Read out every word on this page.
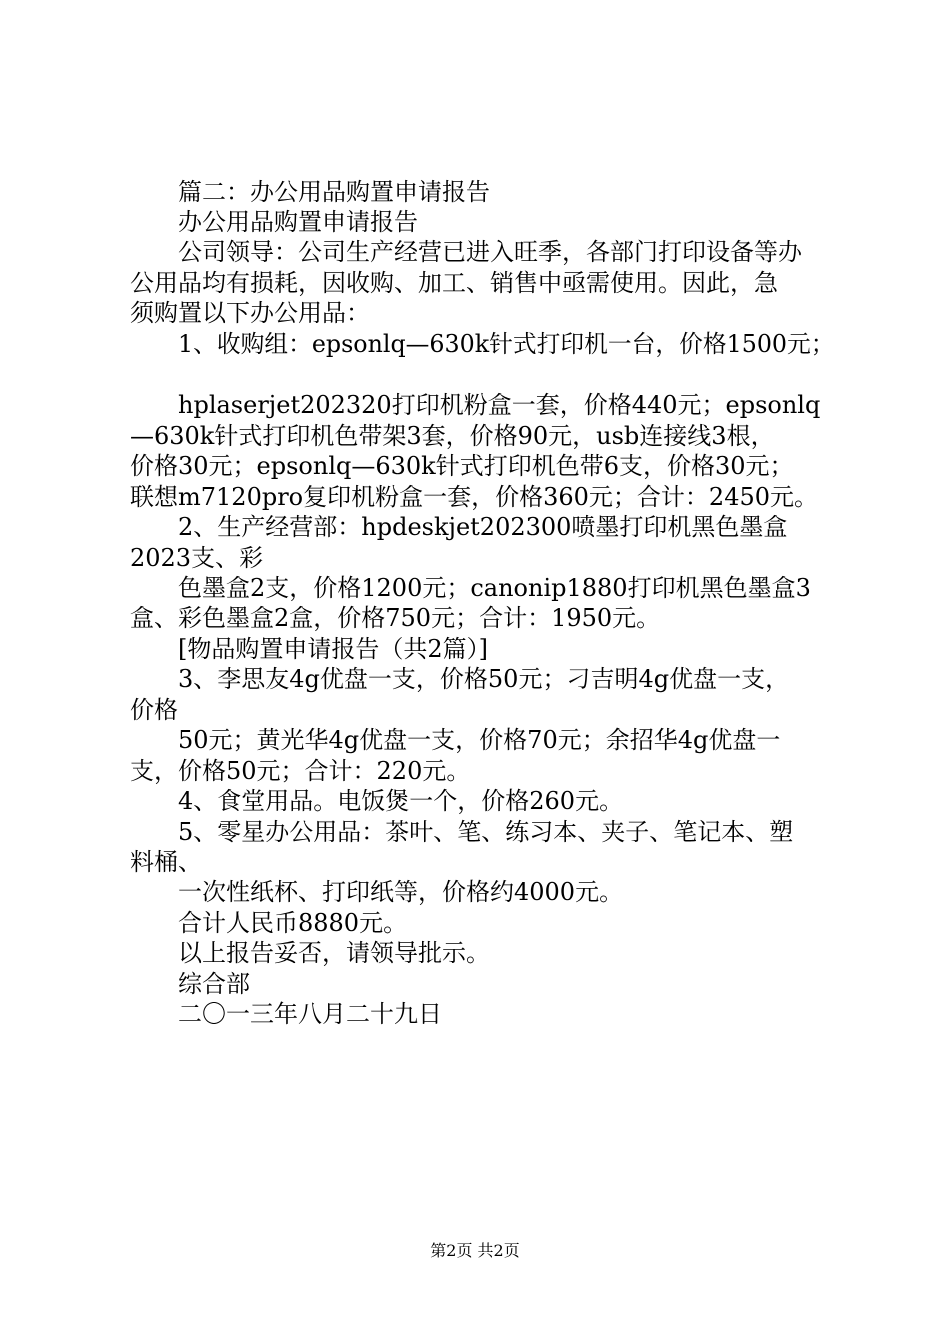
篇二：办公用品购置申请报告
办公用品购置申请报告
公司领导：公司生产经营已进入旺季，各部门打印设备等办
公用品均有损耗，因收购、加工、销售中亟需使用。因此，急
须购置以下办公用品：
1、收购组：epsonlq—630k针式打印机一台，价格1500元；
hplaserjet202320打印机粉盒一套，价格440元；epsonlq
—630k针式打印机色带架3套，价格90元，usb连接线3根，
价格30元；epsonlq—630k针式打印机色带6支，价格30元；
联想m7120pro复印机粉盒一套，价格360元；合计：2450元。
2、生产经营部：hpdeskjet202300喷墨打印机黑色墨盒
2023支、彩
色墨盒2支，价格1200元；canonip1880打印机黑色墨盒3
盒、彩色墨盒2盒，价格750元；合计：1950元。
[物品购置申请报告（共2篇）]
3、李思友4g优盘一支，价格50元；刁吉明4g优盘一支，
价格
50元；黄光华4g优盘一支，价格70元；余招华4g优盘一
支，价格50元；合计：220元。
4、食堂用品。电饭煲一个，价格260元。
5、零星办公用品：茶叶、笔、练习本、夹子、笔记本、塑
料桶、
一次性纸杯、打印纸等，价格约4000元。
合计人民币8880元。
以上报告妥否，请领导批示。
综合部
二〇一三年八月二十九日
第2页 共2页
